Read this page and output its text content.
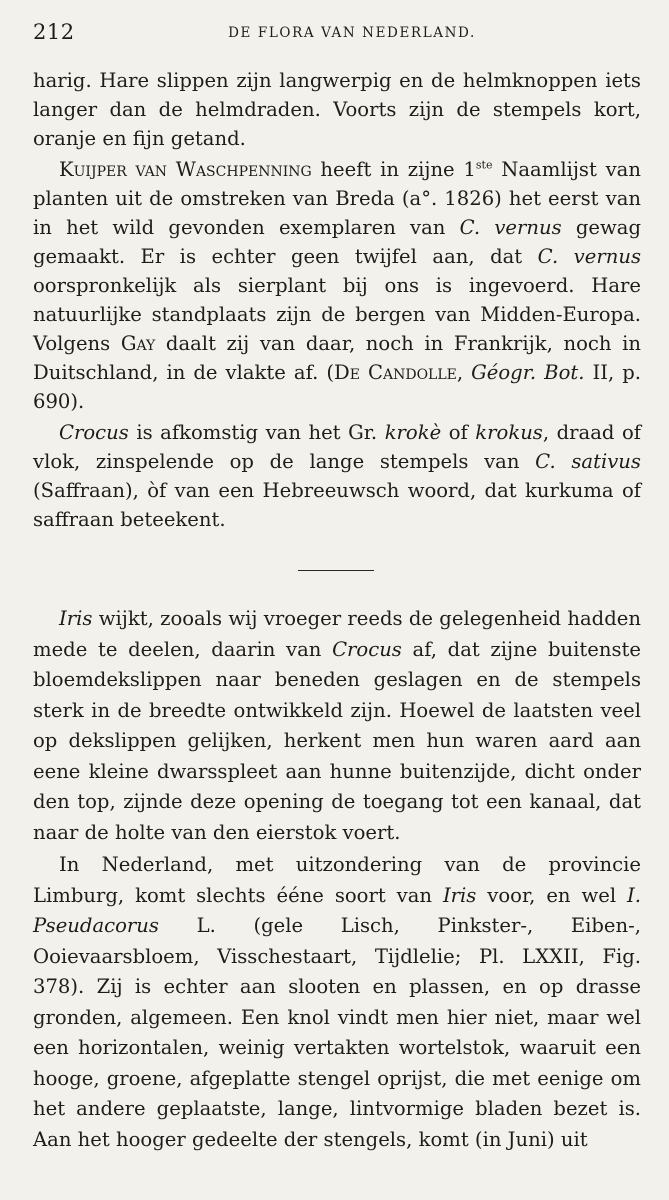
212	DE FLORA VAN NEDERLAND.

harig. Hare slippen zijn langwerpig en de helmknoppen iets langer dan de helmdraden. Voorts zijn de stempels kort, oranje en fijn getand.

Kuijper van Waschpenning heeft in zijne 1ste Naamlijst van planten uit de omstreken van Breda (a°. 1826) het eerst van in het wild gevonden exemplaren van C. vernus gewag gemaakt. Er is echter geen twijfel aan, dat C. vernus oorspronkelijk als sierplant bij ons is ingevoerd. Hare natuurlijke standplaats zijn de bergen van Midden-Europa. Volgens Gay daalt zij van daar, noch in Frankrijk, noch in Duitschland, in de vlakte af. (De Candolle, Géogr. Bot. II, p. 690).

Crocus is afkomstig van het Gr. krokè of krokus, draad of vlok, zinspelende op de lange stempels van C. sativus (Saffraan), òf van een Hebreeuwsch woord, dat kurkuma of saffraan beteekent.

Iris wijkt, zooals wij vroeger reeds de gelegenheid hadden mede te deelen, daarin van Crocus af, dat zijne buitenste bloemdekslippen naar beneden geslagen en de stempels sterk in de breedte ontwikkeld zijn. Hoewel de laatsten veel op dekslippen gelijken, herkent men hun waren aard aan eene kleine dwarsspleet aan hunne buitenzijde, dicht onder den top, zijnde deze opening de toegang tot een kanaal, dat naar de holte van den eierstok voert.

In Nederland, met uitzondering van de provincie Limburg, komt slechts ééne soort van Iris voor, en wel I. Pseudacorus L. (gele Lisch, Pinkster-, Eiben-, Ooievaarsbloem, Visschestaart, Tijdlelie; Pl. LXXII, Fig. 378). Zij is echter aan slooten en plassen, en op drasse gronden, algemeen. Een knol vindt men hier niet, maar wel een horizontalen, weinig vertakten wortelstok, waaruit een hooge, groene, afgeplatte stengel oprijst, die met eenige om het andere geplaatste, lange, lintvormige bladen bezet is. Aan het hooger gedeelte der stengels, komt (in Juni) uit
